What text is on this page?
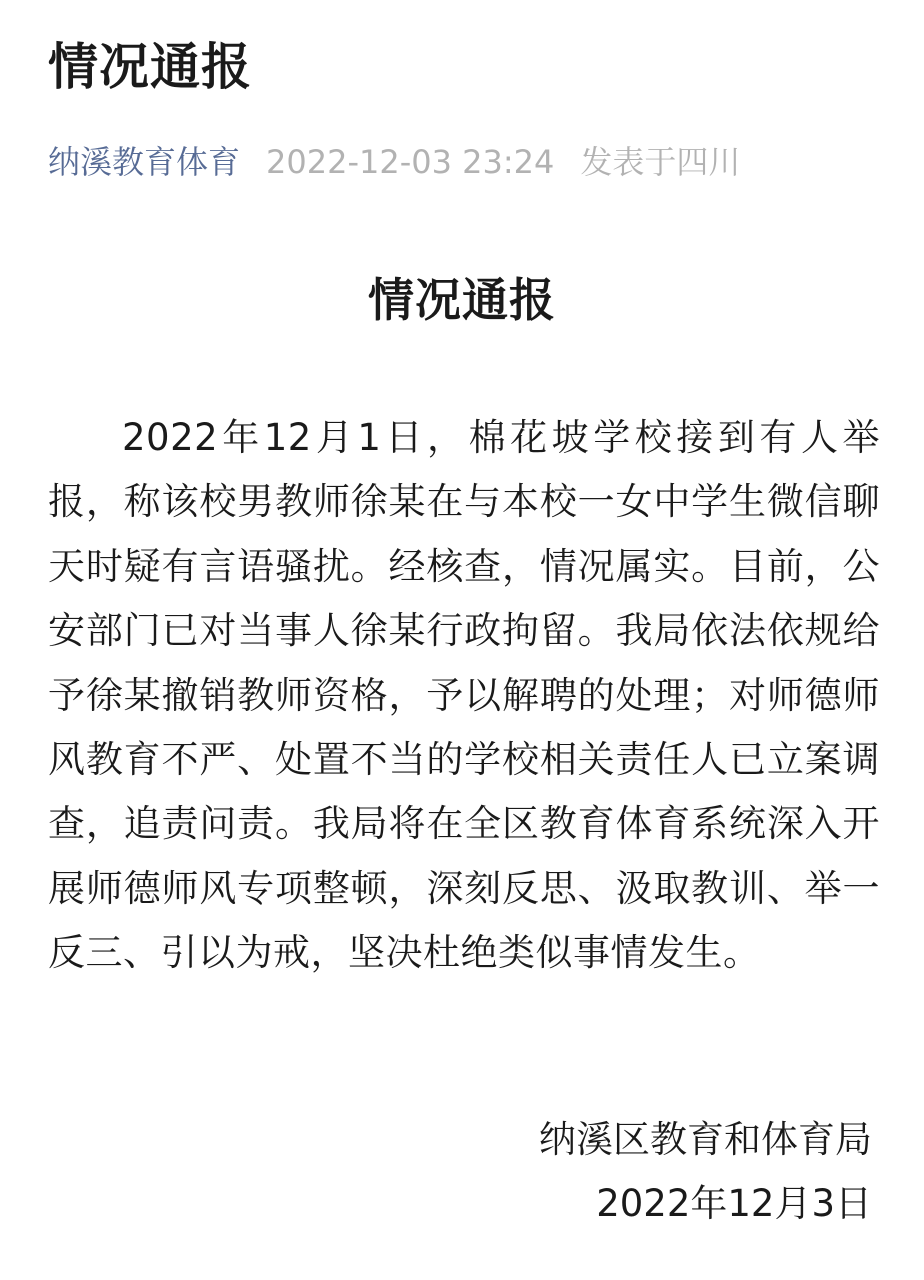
情况通报
纳溪教育体育 2022-12-03 23:24 发表于四川
情况通报

2022年12月1日，棉花坡学校接到有人举报，称该校男教师徐某在与本校一女中学生微信聊天时疑有言语骚扰。经核查，情况属实。目前，公安部门已对当事人徐某行政拘留。我局依法依规给予徐某撤销教师资格，予以解聘的处理；对师德师风教育不严、处置不当的学校相关责任人已立案调查，追责问责。我局将在全区教育体育系统深入开展师德师风专项整顿，深刻反思、汲取教训、举一反三、引以为戒，坚决杜绝类似事情发生。

纳溪区教育和体育局
2022年12月3日
